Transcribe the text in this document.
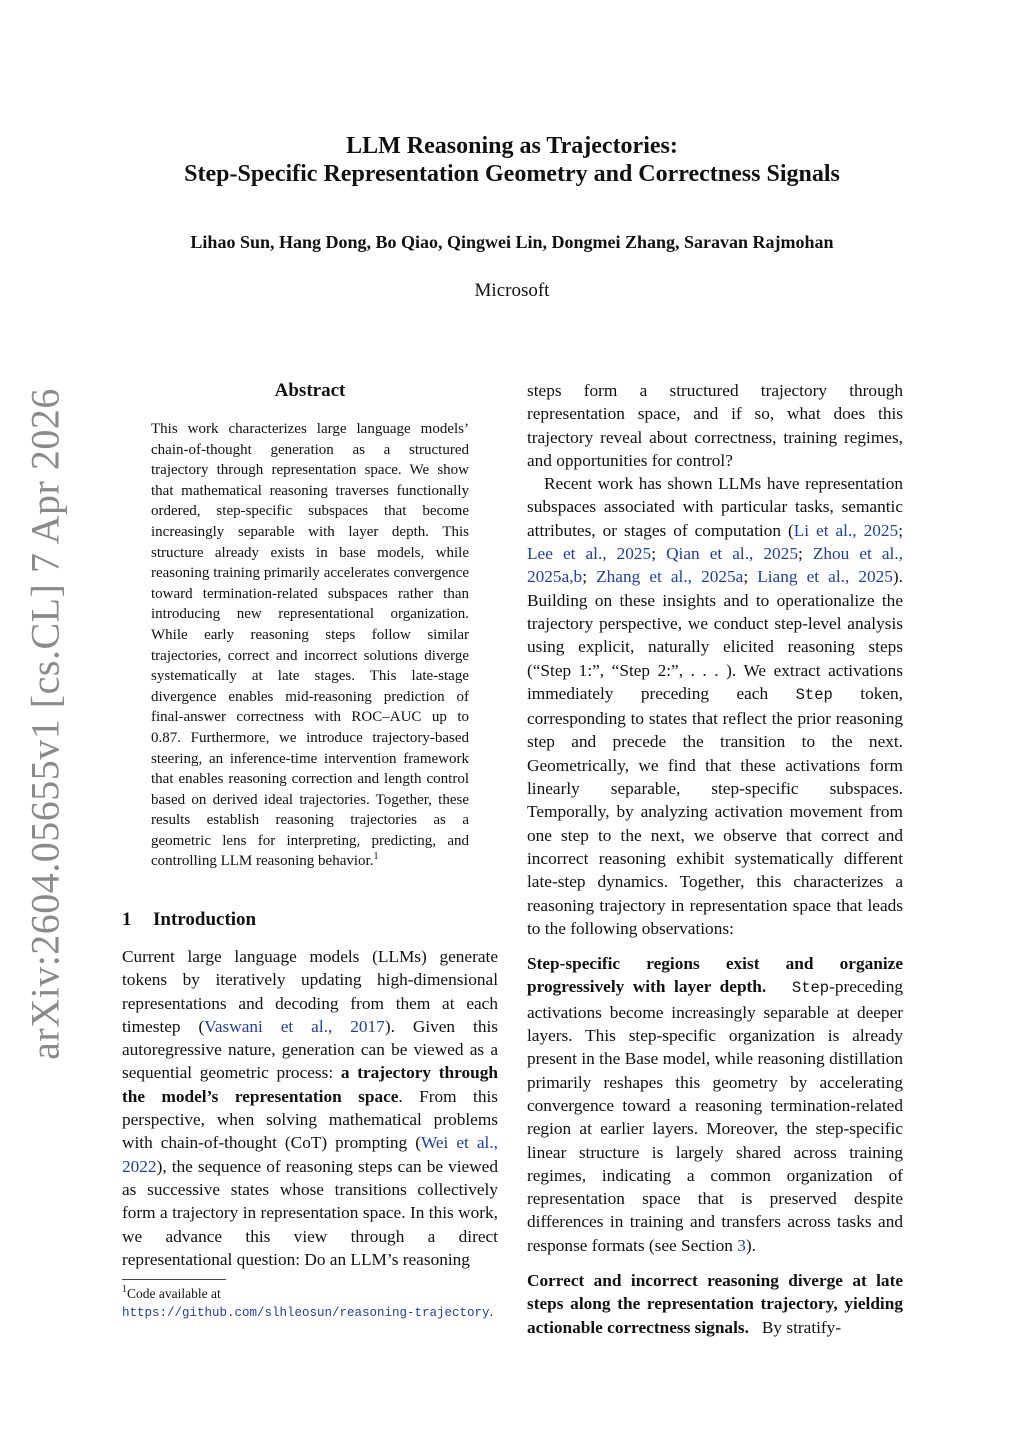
arXiv:2604.05655v1 [cs.CL] 7 Apr 2026
LLM Reasoning as Trajectories:
Step-Specific Representation Geometry and Correctness Signals
Lihao Sun, Hang Dong, Bo Qiao, Qingwei Lin, Dongmei Zhang, Saravan Rajmohan
Microsoft
Abstract
This work characterizes large language models’ chain-of-thought generation as a structured trajectory through representation space. We show that mathematical reasoning traverses functionally ordered, step-specific subspaces that become increasingly separable with layer depth. This structure already exists in base models, while reasoning training primarily accelerates convergence toward termination-related subspaces rather than introducing new representational organization. While early reasoning steps follow similar trajectories, correct and incorrect solutions diverge systematically at late stages. This late-stage divergence enables mid-reasoning prediction of final-answer correctness with ROC–AUC up to 0.87. Furthermore, we introduce trajectory-based steering, an inference-time intervention framework that enables reasoning correction and length control based on derived ideal trajectories. Together, these results establish reasoning trajectories as a geometric lens for interpreting, predicting, and controlling LLM reasoning behavior.$^1$
1 Introduction

Current large language models (LLMs) generate tokens by iteratively updating high-dimensional representations and decoding from them at each timestep (Vaswani et al., 2017). Given this autoregressive nature, generation can be viewed as a sequential geometric process: a trajectory through the model’s representation space. From this perspective, when solving mathematical problems with chain-of-thought (CoT) prompting (Wei et al., 2022), the sequence of reasoning steps can be viewed as successive states whose transitions collectively form a trajectory in representation space. In this work, we advance this view through a direct representational question: Do an LLM’s reasoning

steps form a structured trajectory through representation space, and if so, what does this trajectory reveal about correctness, training regimes, and opportunities for control?

Recent work has shown LLMs have representation subspaces associated with particular tasks, semantic attributes, or stages of computation (Li et al., 2025; Lee et al., 2025; Qian et al., 2025; Zhou et al., 2025a,b; Zhang et al., 2025a; Liang et al., 2025). Building on these insights and to operationalize the trajectory perspective, we conduct step-level analysis using explicit, naturally elicited reasoning steps (“Step 1:”, “Step 2:”, . . . ). We extract activations immediately preceding each Step token, corresponding to states that reflect the prior reasoning step and precede the transition to the next. Geometrically, we find that these activations form linearly separable, step-specific subspaces. Temporally, by analyzing activation movement from one step to the next, we observe that correct and incorrect reasoning exhibit systematically different late-step dynamics. Together, this characterizes a reasoning trajectory in representation space that leads to the following observations:

Step-specific regions exist and organize progressively with layer depth. Step-preceding activations become increasingly separable at deeper layers. This step-specific organization is already present in the Base model, while reasoning distillation primarily reshapes this geometry by accelerating convergence toward a reasoning termination-related region at earlier layers. Moreover, the step-specific linear structure is largely shared across training regimes, indicating a common organization of representation space that is preserved despite differences in training and transfers across tasks and response formats (see Section 3).

Correct and incorrect reasoning diverge at late steps along the representation trajectory, yielding actionable correctness signals. By stratify-

$^1$Code available at https://github.com/slhleosun/reasoning-trajectory.
